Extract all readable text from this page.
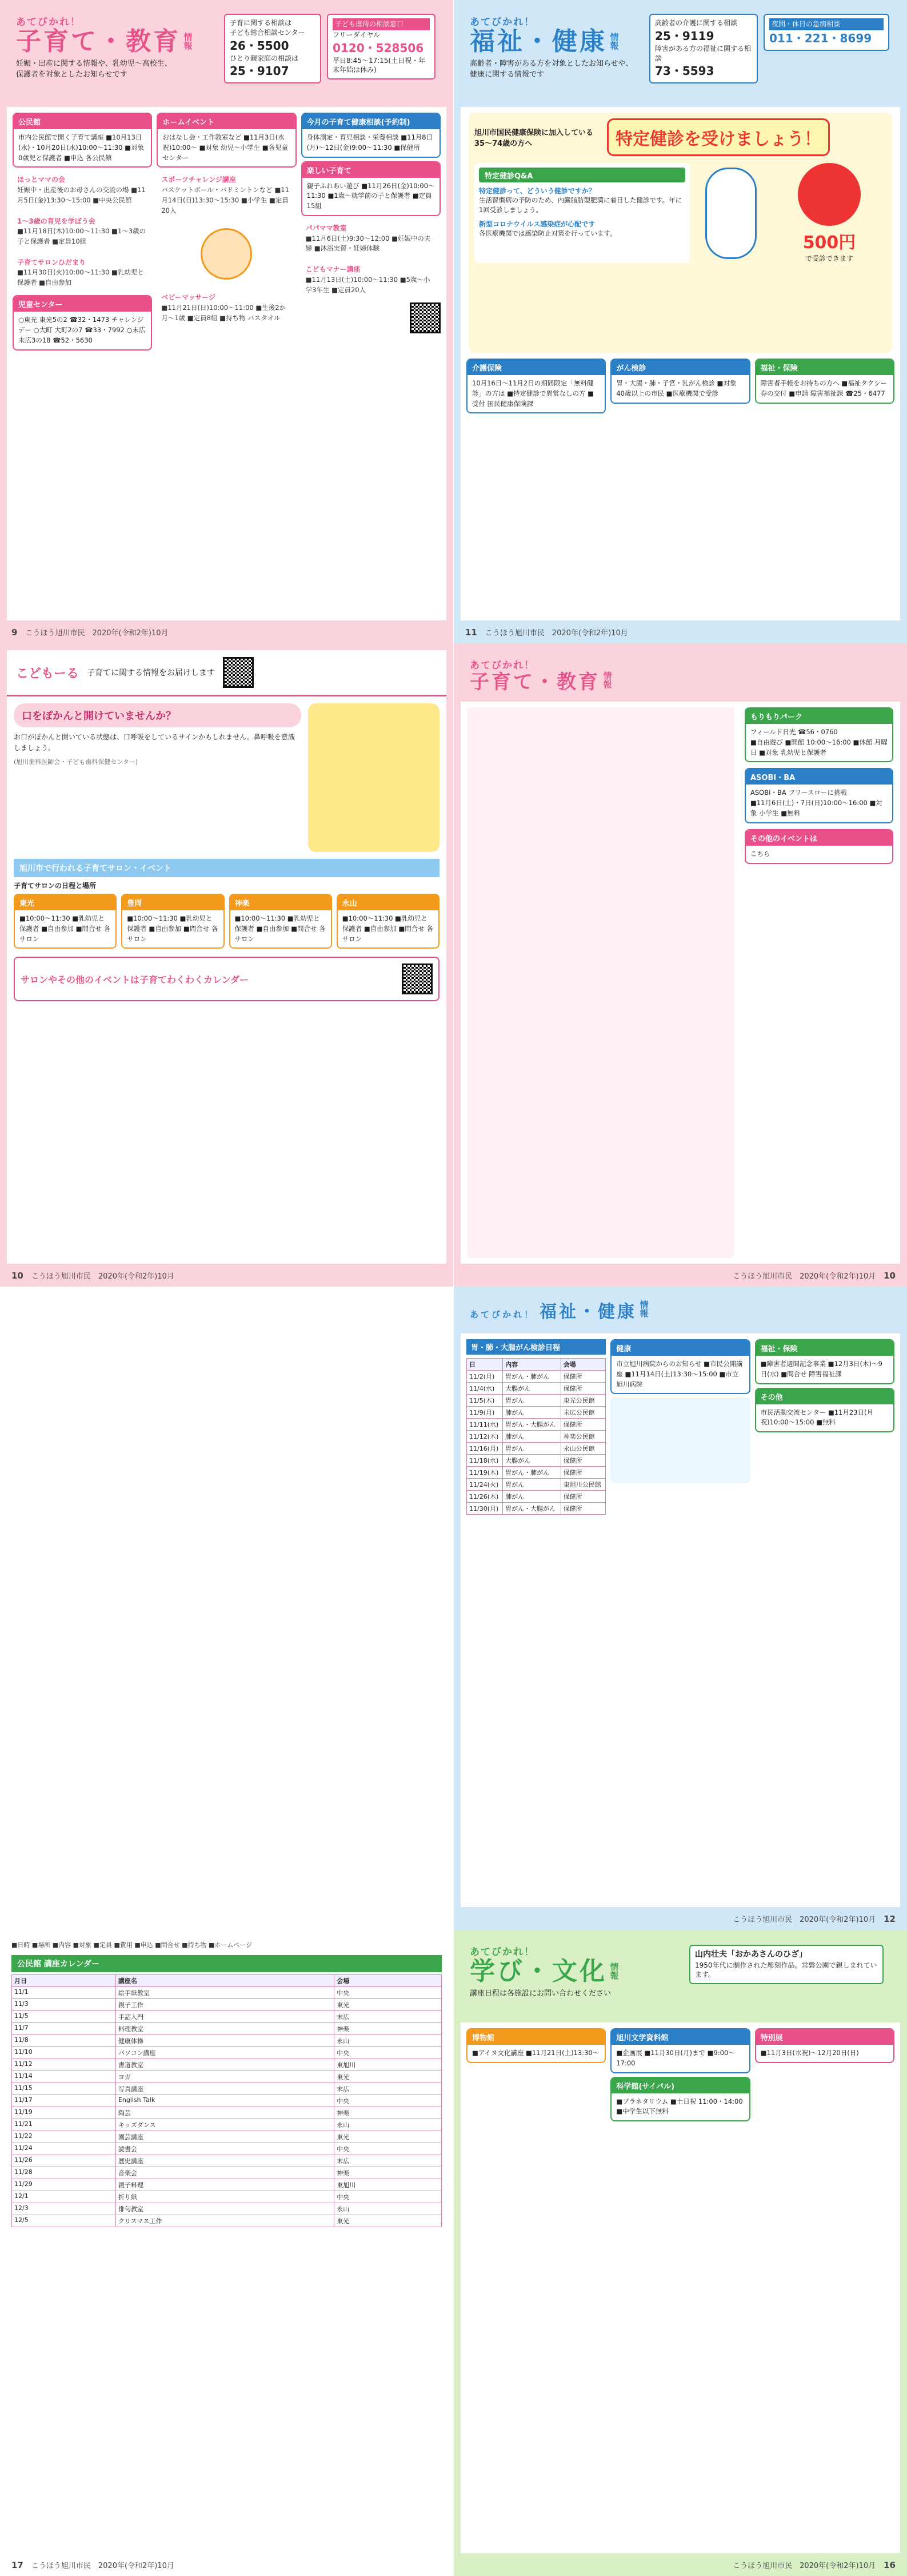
あてびかれ！
子育て・教育 情報
妊娠・出産に関する情報や、乳幼児〜高校生、
保護者を対象としたお知らせです
子育に関する相談は
子ども総合相談センター
26・5500
ひとり親家庭の相談は
25・9107
子ども虐待の相談窓口
フリーダイヤル
0120・528506
平日8:45〜17:15(土日祝・年末年始は休み)
公民館
市内公民館で開く子育て講座 ■10月13日(水)・10月20日(水)10:00〜11:30 ■対象 0歳児と保護者 ■申込 各公民館
ほっとママの会
妊娠中・出産後のお母さんの交流の場 ■11月5日(金)13:30〜15:00 ■中央公民館
1〜3歳の育児を学ぼう会
■11月18日(木)10:00〜11:30 ■1〜3歳の子と保護者 ■定員10組
子育てサロンひだまり
■11月30日(火)10:00〜11:30 ■乳幼児と保護者 ■自由参加
児童センター
○東光 東光5の2 ☎32・1473 チャレンジデー ○大町 大町2の7 ☎33・7992 ○末広 末広3の18 ☎52・5630
ホームイベント
おはなし会・工作教室など ■11月3日(水祝)10:00〜 ■対象 幼児〜小学生 ■各児童センター
スポーツチャレンジ講座
バスケットボール・バドミントンなど ■11月14日(日)13:30〜15:30 ■小学生 ■定員20人
ベビーマッサージ
■11月21日(日)10:00〜11:00 ■生後2か月〜1歳 ■定員8組 ■持ち物 バスタオル
今月の子育て健康相談(予約制)
身体測定・育児相談・栄養相談 ■11月8日(月)〜12日(金)9:00〜11:30 ■保健所
楽しい子育て
親子ふれあい遊び ■11月26日(金)10:00〜11:30 ■1歳〜就学前の子と保護者 ■定員15組
パパママ教室
■11月6日(土)9:30〜12:00 ■妊娠中の夫婦 ■沐浴実習・妊婦体験
こどもマナー講座
■11月13日(土)10:00〜11:30 ■5歳〜小学3年生 ■定員20人
9 こうほう旭川市民　2020年(令和2年)10月
あてびかれ！
福祉・健康 情報
高齢者・障害がある方を対象としたお知らせや、
健康に関する情報です
高齢者の介護に関する相談
25・9119
障害がある方の福祉に関する相談
73・5593
夜間・休日の急病相談
011・221・8699
旭川市国民健康保険に加入している35〜74歳の方へ	特定健診を受けましょう！
特定健診Q&A
特定健診って、どういう健診ですか？
生活習慣病の予防のため、内臓脂肪型肥満に着目した健診です。年に1回受診しましょう。
新型コロナウイルス感染症が心配です
各医療機関では感染防止対策を行っています。	500円
で受診できます
介護保険
10月16日〜11月2日の期間限定「無料健診」の方は ■特定健診で異常なしの方 ■受付 国民健康保険課
がん検診
胃・大腸・肺・子宮・乳がん検診 ■対象 40歳以上の市民 ■医療機関で受診
福祉・保険
障害者手帳をお持ちの方へ ■福祉タクシー券の交付 ■申請 障害福祉課 ☎25・6477
11 こうほう旭川市民　2020年(令和2年)10月
こどもーる 子育てに関する情報をお届けします
口をぽかんと開けていませんか？
お口がぽかんと開いている状態は、口呼吸をしているサインかもしれません。鼻呼吸を意識しましょう。
(旭川歯科医師会・子ども歯科保健センター)
旭川市で行われる子育てサロン・イベント
子育てサロンの日程と場所
東光
■10:00〜11:30 ■乳幼児と保護者 ■自由参加 ■問合せ 各サロン
豊岡
■10:00〜11:30 ■乳幼児と保護者 ■自由参加 ■問合せ 各サロン
神楽
■10:00〜11:30 ■乳幼児と保護者 ■自由参加 ■問合せ 各サロン
永山
■10:00〜11:30 ■乳幼児と保護者 ■自由参加 ■問合せ 各サロン
サロンやその他のイベントは子育てわくわくカレンダー
10 こうほう旭川市民　2020年(令和2年)10月
あてびかれ！
子育て・教育 情報
もりもりパーク
フィールド日光 ☎56・0760
■自由遊び ■開館 10:00〜16:00 ■休館 月曜日 ■対象 乳幼児と保護者
ASOBI・BA
ASOBI・BA フリースローに挑戦
■11月6日(土)・7日(日)10:00〜16:00 ■対象 小学生 ■無料
その他のイベントは
こちら
こうほう旭川市民　2020年(令和2年)10月 10
あてびかれ！ 福祉・健康 情報
胃・肺・大腸がん検診日程
日	内容	会場
11/2(月)	胃がん・肺がん	保健所
11/4(水)	大腸がん	保健所
11/5(木)	胃がん	東光公民館
11/9(月)	肺がん	末広公民館
11/11(水)	胃がん・大腸がん	保健所
11/12(木)	肺がん	神楽公民館
11/16(月)	胃がん	永山公民館
11/18(水)	大腸がん	保健所
11/19(木)	胃がん・肺がん	保健所
11/24(火)	胃がん	東旭川公民館
11/26(木)	肺がん	保健所
11/30(月)	胃がん・大腸がん	保健所
健康
市立旭川病院からのお知らせ ■市民公開講座 ■11月14日(土)13:30〜15:00 ■市立旭川病院
福祉・保険
■障害者週間記念事業 ■12月3日(木)〜9日(水) ■問合せ 障害福祉課
その他
市民活動交流センター ■11月23日(月祝)10:00〜15:00 ■無料
こうほう旭川市民　2020年(令和2年)10月 12
■日時 ■場所 ■内容 ■対象 ■定員 ■費用 ■申込 ■問合せ ■持ち物 ■ホームページ
公民館 講座カレンダー
月日	講座名	会場
11/1	絵手紙教室	中央
11/3	親子工作	東光
11/5	手話入門	末広
11/7	料理教室	神楽
11/8	健康体操	永山
11/10	パソコン講座	中央
11/12	書道教室	東旭川
11/14	ヨガ	東光
11/15	写真講座	末広
11/17	English Talk	中央
11/19	陶芸	神楽
11/21	キッズダンス	永山
11/22	園芸講座	東光
11/24	読書会	中央
11/26	歴史講座	末広
11/28	音楽会	神楽
11/29	親子料理	東旭川
12/1	折り紙	中央
12/3	俳句教室	永山
12/5	クリスマス工作	東光
17 こうほう旭川市民　2020年(令和2年)10月
あてびかれ！
学び・文化 情報
講座日程は各施設にお問い合わせください
山内壮夫「おかあさんのひざ」
1950年代に制作された彫刻作品。常磐公園で親しまれています。
博物館
■アイヌ文化講座 ■11月21日(土)13:30〜
旭川文学資料館
■企画展 ■11月30日(月)まで ■9:00〜17:00
科学館(サイパル)
■プラネタリウム ■土日祝 11:00・14:00 ■中学生以下無料
特別展
■11月3日(水祝)〜12月20日(日)
こうほう旭川市民　2020年(令和2年)10月 16
